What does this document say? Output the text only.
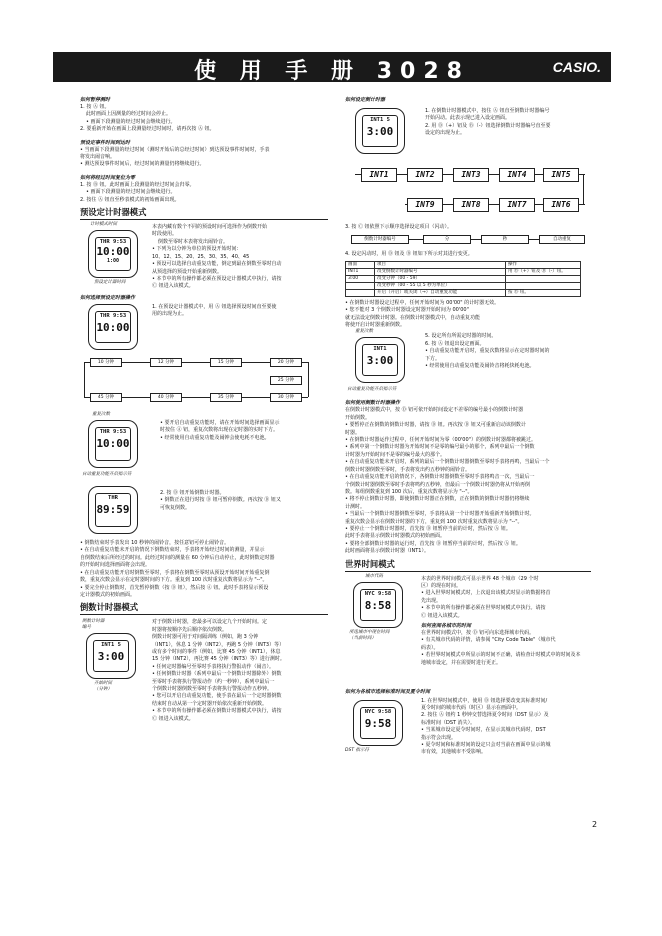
使 用 手 册 3028	CASIO.

如何暂停测时

1. 按 Ⓐ 钮。

此时画面上因测量的经过时间会停止。

• 画面下段测量的经过时间会继续进行。

2. 要重新开始在画面上段测量经过时间时，请再次按 Ⓐ 钮。

预设定事件时间到达时

• 当画面下段测量的经过时间（测时开始后的总经过时间）到达预设事件时间时，手表

将发出闹音响。

• 测达预设事件时间后，经过时间的测量仍将继续进行。

如何将经过时间复位为零

1. 按 Ⓑ 钮。此时画面上段测量的经过时间会归零。

• 画面下段测量的经过时间会继续进行。

2. 按住 Ⓐ 钮直至秒表模式的初始画面出现。

预设定计时器模式
计时模式时间
THR 9:53
10:00
1:00
预设定计器时间

本表内藏有数个不同的预设时间可选择作为倒数开始

时段使用。

倒数至零时本表将发出闹铃音。

• 下列为以分钟为单位的预设开始时间：

10、12、15、20、25、30、35、40、45

• 预设可以选择自动重复功能，倒定到最在倒数至零时自动

从预选择的预设开始重新倒数。

• 本节中的所有操作都必须在预设定计器模式中执行，请按

Ⓒ 钮进入该模式。

如何选择预设定时器操作

THR 9:53
10:00

1. 在预设定计器模式中，用 Ⓐ 钮选择预设时间直至要使

用的出现为止。

10 分钟	12 分钟	15 分钟	20 分钟
25 分钟
45 分钟	40 分钟	35 分钟	30 分钟
重复次数
THR 9:53
10:00
自动重复功能开启指示符

• 要开启自动重复功能时，请在开始时间选择画面显示

时按住 Ⓐ 钮，重复次数将出现在定时器的实时下方。

• 经常使用自动重复功能及闹钟会使电耗不电池。

THR
89:59

2. 按 Ⓓ 钮开始倒数计时器。

• 倒数正在进行时按 Ⓓ 钮可暂停倒数。再次按 Ⓓ 钮又

可恢复倒数。

• 倒数结束时手表发出 10 秒钟的闹铃音，按任意钮可停止闹铃音。

• 在自动重复功能未开启的情况下倒数结束时，手表将开始经过时间的测量，并显示

自倒数结束后所经过的时间。此经过时间的测量在 60 分钟后自动停止，此时倒数定时器

的开始时间选择画面将会出现。

• 在自动重复功能开启时倒数至零时，手表将在倒数至零时从预设开始时间开始重复倒

数，重复次数会显示在定时器时间的下方。重复到 100 次时重复次数将显示为 "--"。

• 要完全停止倒数时，首先暂停倒数（按 Ⓓ 钮），然后按 Ⓐ 钮。此时手表将显示预设

定计器模式的初始画面。

倒数计时器模式
倒数计时器
编号
INT1 5
3:00
开始时间
（分钟）

对于倒数计时器，您最多可以设定九个开始时间。定

时器将按顺序先后顺序依次倒数。

倒数计时器可用于对间隔训练（例如，跑 3 分钟

（INT1），休息 1 分钟（INT2），再跑 5 分钟（INT3）等）

或有多个时间的事件（例如，比赛 45 分钟（INT1），休息

15 分钟（INT2），再比赛 45 分钟（INT3）等）进行测时。

• 任何定时器编号至零时手表将执行警报动作（闹音）。

• 任何倒数计时器（系列中最后一个倒数计时器除外）倒数

至零时手表将执行警报动作（约一秒钟），系列中最后一

个倒数计时器倒数至零时手表将执行警报动作五秒钟。

• 您可以开启自动重复功能，使手表在最后一个定时器倒数

结束时自动从第一个定时器开始依次重新开始倒数。

• 本节中的所有操作都必须在倒数计时器模式中执行，请按

Ⓒ 钮进入该模式。

如何设定倒计时器

INT1 5
3:00

1. 在倒数计时器模式中，按住 Ⓐ 钮直至倒数计时器编号

开始闪动。此表示现已进入设定画面。

2. 用 Ⓓ（+）钮及 Ⓑ（-）钮选择倒数计时器编号直至要

设定的出现为止。

INT1	INT2	INT3	INT4	INT5
INT9	INT8	INT7	INT6

3. 按 Ⓒ 钮依照下示顺序选择设定项目（闪动）。

倒数计时器编号	分	秒	自动重复

4. 设定闪动时，用 Ⓓ 钮及 Ⓑ 钮如下所示对其进行变更。

画面	项目	操作
INT1	改变倒数计时器编号	用 Ⓓ（+）钮及 Ⓑ（-）钮。
3:00	改变分钟（00 - 59）	
	改变秒钟（00 - 55 以 5 秒为单位）	
	开启（开启）或关闭（→）自动重复功能	按 Ⓓ 钮。

• 在倒数计时器设定过程中，任何开始时间为 00'00" 的计时器无效。

• 您不能对 3 个倒数计时器设定时器开始时间为 00'00"

就无法设定倒数计时器。在倒数计时器模式中，自动重复功能

将使开启计时器重新倒数。

重复次数
INT1
3:00
自动重复功能开启指示符

5. 设定所有所需定时器的时间。

6. 按 Ⓐ 钮退出设定画面。

• 自动重复功能开启时，重复次数将显示在定时器时间的

下方。

• 经常使用自动重复功能及闹铃音将耗快耗电池。

如何使用倒数计时器操作

在倒数计时器模式中，按 Ⓓ 钮可依开始时间设定不差零的编号最小的倒数计时器

开始倒数。

• 要暂停正在倒数的倒数计时器，请按 Ⓓ 钮。再次按 Ⓓ 钮又可重新启动该倒数计

时器。

• 在倒数计时器运作过程中，任何开始时间为零（00'00"）的倒数计时器都将被跳过。

• 系列中第一个倒数计时器为开始时间不是零的编号最小的那个，系列中最后一个倒数

计时器为开始时间不是零的编号最大的那个。

• 在自动重复功能未开启时，系列的最后一个倒数计时器倒数至零时手表将再鸣，当最后一个

倒数计时器倒数至零时，手表将发出约五秒钟的闹铃音。

• 在自动重复功能开启的情况下，各倒数计时器倒数至零时手表将鸣音一次，当最后一

个倒数计时器倒数至零时手表将鸣约五秒钟，但最后一个倒数计时器仍将从开始再倒

数。每组倒数重复到 100 次后，重复次数将显示为 "--"。

• 将不停止倒数计时器，即使倒数计时器正在倒数，正在倒数的倒数计时器仍将继续

计测时。

• 当最后一个倒数计时器倒数至零时，手表将从第一个计时器开始重新开始倒数计时。

重复次数会显示在倒数计时器的下方，重复到 100 次时重复次数将显示为 "--"。

• 要停止一个倒数计时器时，首先按 Ⓓ 钮暂停当前的计时，然后按 Ⓐ 钮。

此时手表将显示倒数计时器模式的初始画面。

• 要将全部倒数计时器的运行时，首先按 Ⓓ 钮暂停当前的计时，然后按 Ⓐ 钮。

此时画面将显示倒数计时器（INT1）。

世界时间模式
城市代码
NYC 9:58
8:58
所选城市中现在时间
（当前时间）

本表的世界时间模式可显示世界 48 个城市（29 个时

区）的现在时间。

• 进入世界时间模式时，上次退出该模式时显示的数据将首

先出现。

• 本节中的所有操作都必须在世界时间模式中执行。请按

Ⓒ 钮进入该模式。

如何查阅各城市的时间

在世界时间模式中，按 Ⓓ 钮可向东选择城市代码。

• 有关城市代码的详情，请参阅 "City Code Table"（城市代

码表）。

• 若世界时间模式中所显示的时间不正确，请检查计时模式中的时间及本

地城市设定，并在需要时进行更正。

如何为各城市选择标准时间及夏令时间

NYC 9:58
9:58
DST 指示符

1. 在世界时间模式中，使用 Ⓓ 钮选择要改变其标准时间/

夏令时间的城市代码（时区）显示在画面中。

2. 按住 Ⓐ 钮约 1 秒钟交替选择夏令时间（DST 显示）及

标准时间（DST 消失）。

• 当某城市设定夏令时间时，在显示其城市代码时，DST

指示符会出现。

• 夏令时间和标准时间的设定只会对当前在画面中显示的城

市有效，其他城市不受影响。

2
